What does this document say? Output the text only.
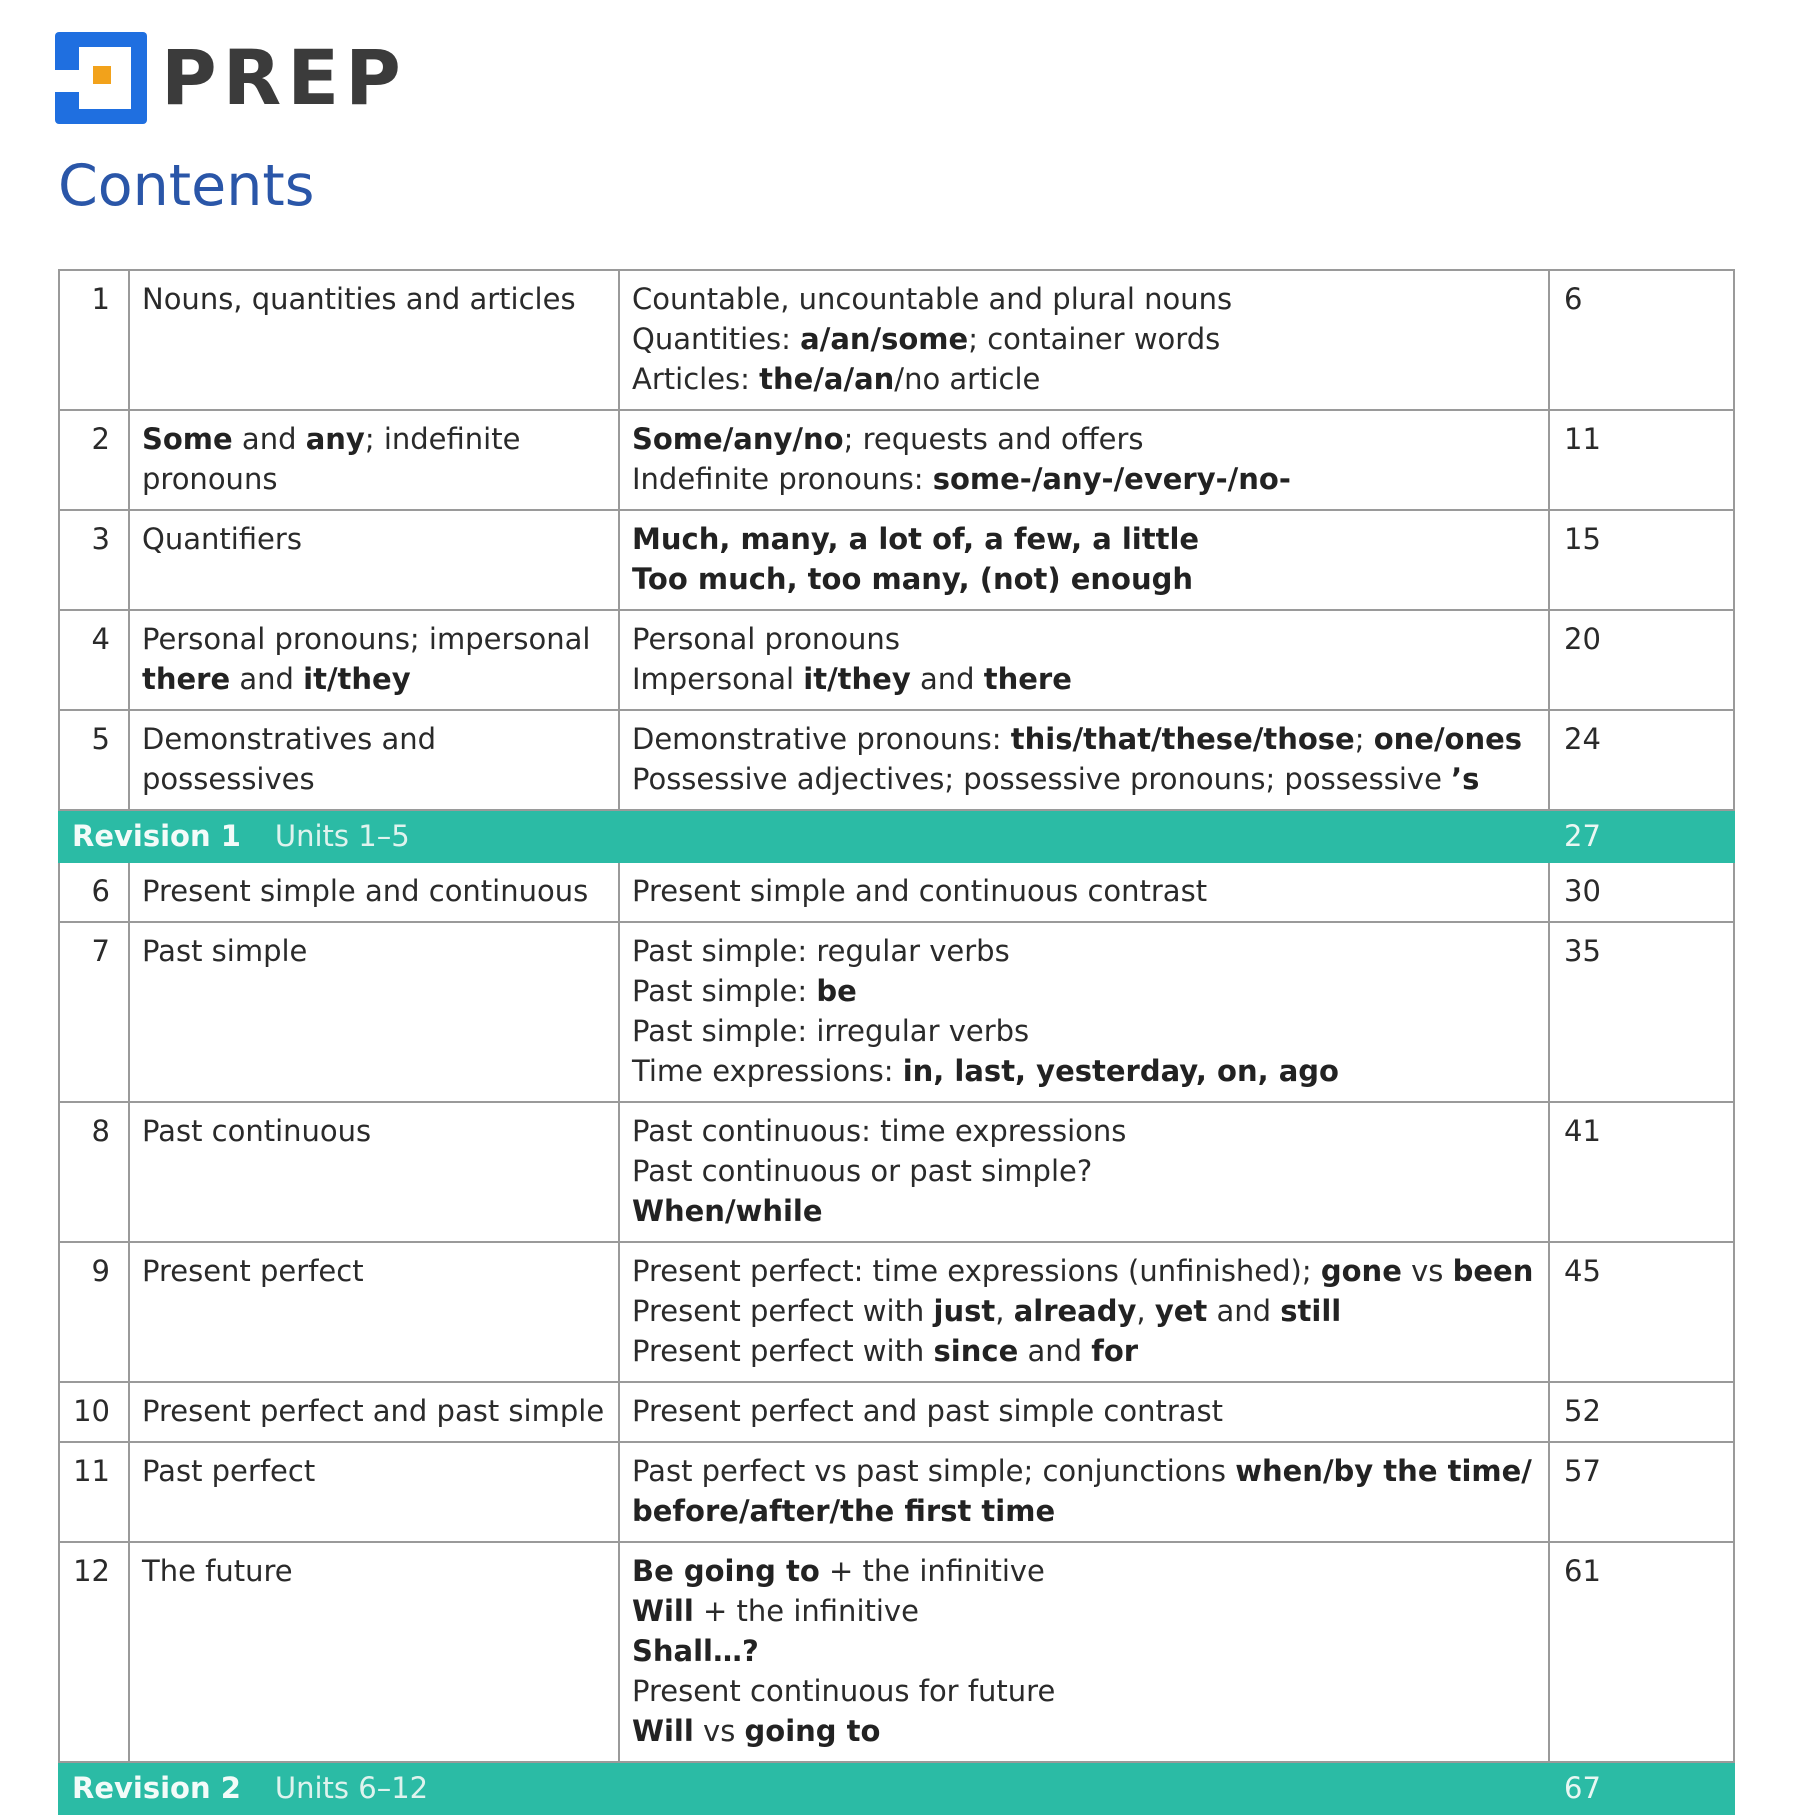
PREP
Contents
1	Nouns, quantities and articles	Countable, uncountable and plural nouns
Quantities: a/an/some; container words
Articles: the/a/an/no article	6
2	Some and any; indefinite pronouns	Some/any/no; requests and offers
Indefinite pronouns: some-/any-/every-/no-	11
3	Quantifiers	Much, many, a lot of, a few, a little
Too much, too many, (not) enough	15
4	Personal pronouns; impersonal there and it/they	Personal pronouns
Impersonal it/they and there	20
5	Demonstratives and possessives	Demonstrative pronouns: this/that/these/those; one/ones
Possessive adjectives; possessive pronouns; possessive ’s	24
Revision 1 Units 1–5			27
6	Present simple and continuous	Present simple and continuous contrast	30
7	Past simple	Past simple: regular verbs
Past simple: be
Past simple: irregular verbs
Time expressions: in, last, yesterday, on, ago	35
8	Past continuous	Past continuous: time expressions
Past continuous or past simple?
When/while	41
9	Present perfect	Present perfect: time expressions (unfinished); gone vs been
Present perfect with just, already, yet and still
Present perfect with since and for	45
10	Present perfect and past simple	Present perfect and past simple contrast	52
11	Past perfect	Past perfect vs past simple; conjunctions when/by the time/
before/after/the first time	57
12	The future	Be going to + the infinitive
Will + the infinitive
Shall…?
Present continuous for future
Will vs going to	61
Revision 2 Units 6–12			67
